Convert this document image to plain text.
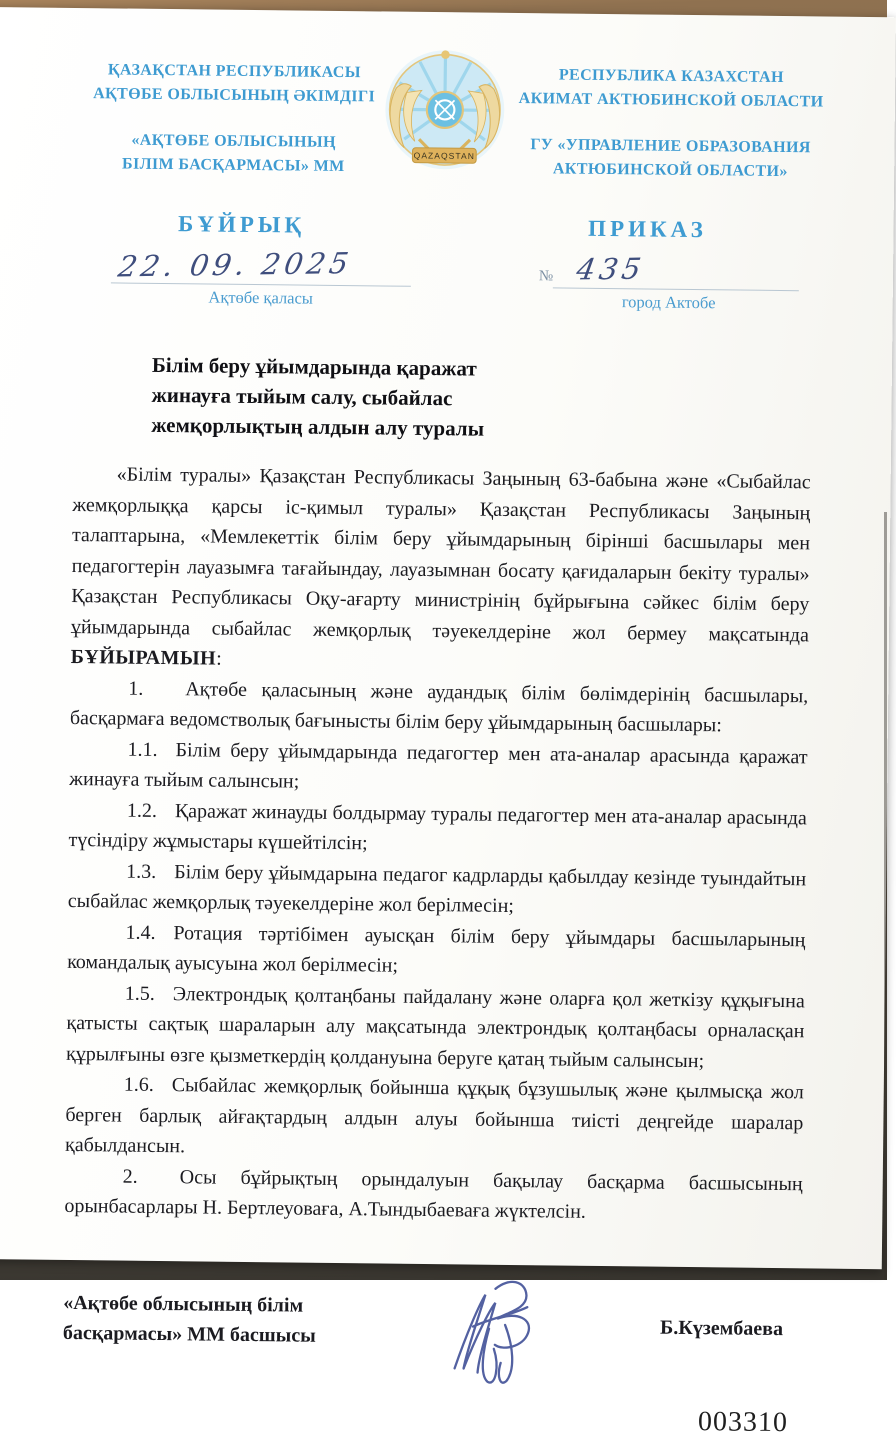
ҚАЗАҚСТАН РЕСПУБЛИКАСЫ
АҚТӨБЕ ОБЛЫСЫНЫҢ ӘКІМДІГІ
«АҚТӨБЕ ОБЛЫСЫНЫҢ
БІЛІМ БАСҚАРМАСЫ» ММ	QAZAQSTAN
РЕСПУБЛИКА КАЗАХСТАН
АКИМАТ АКТЮБИНСКОЙ ОБЛАСТИ
ГУ «УПРАВЛЕНИЕ ОБРАЗОВАНИЯ
АКТЮБИНСКОЙ ОБЛАСТИ»
БҰЙРЫҚ	ПРИКАЗ
22. 09. 2025
Ақтөбе қаласы
№ 435
город Актобе
Білім беру ұйымдарында қаражат
жинауға тыйым салу, сыбайлас
жемқорлықтың алдын алу туралы

«Білім туралы» Қазақстан Республикасы Заңының 63-бабына және «Сыбайлас жемқорлыққа қарсы іс-қимыл туралы» Қазақстан Республикасы Заңының талаптарына, «Мемлекеттік білім беру ұйымдарының бірінші басшылары мен педагогтерін лауазымға тағайындау, лауазымнан босату қағидаларын бекіту туралы» Қазақстан Республикасы Оқу-ағарту министрінің бұйрығына сәйкес білім беру ұйымдарында сыбайлас жемқорлық тәуекелдеріне жол бермеу мақсатында БҰЙЫРАМЫН:

1. Ақтөбе қаласының және аудандық білім бөлімдерінің басшылары, басқармаға ведомстволық бағынысты білім беру ұйымдарының басшылары:

1.1. Білім беру ұйымдарында педагогтер мен ата-аналар арасында қаражат жинауға тыйым салынсын;

1.2. Қаражат жинауды болдырмау туралы педагогтер мен ата-аналар арасында түсіндіру жұмыстары күшейтілсін;

1.3. Білім беру ұйымдарына педагог кадрларды қабылдау кезінде туындайтын сыбайлас жемқорлық тәуекелдеріне жол берілмесін;

1.4. Ротация тәртібімен ауысқан білім беру ұйымдары басшыларының командалық ауысуына жол берілмесін;

1.5. Электрондық қолтаңбаны пайдалану және оларға қол жеткізу құқығына қатысты сақтық шараларын алу мақсатында электрондық қолтаңбасы орналасқан құрылғыны өзге қызметкердің қолдануына беруге қатаң тыйым салынсын;

1.6. Сыбайлас жемқорлық бойынша құқық бұзушылық және қылмысқа жол берген барлық айғақтардың алдын алуы бойынша тиісті деңгейде шаралар қабылдансын.

2. Осы бұйрықтың орындалуын бақылау басқарма басшысының орынбасарлары Н. Бертлеуоваға, А.Тындыбаеваға жүктелсін.

«Ақтөбе облысының білім
басқармасы» ММ басшысы	Б.Күзембаева
003310
